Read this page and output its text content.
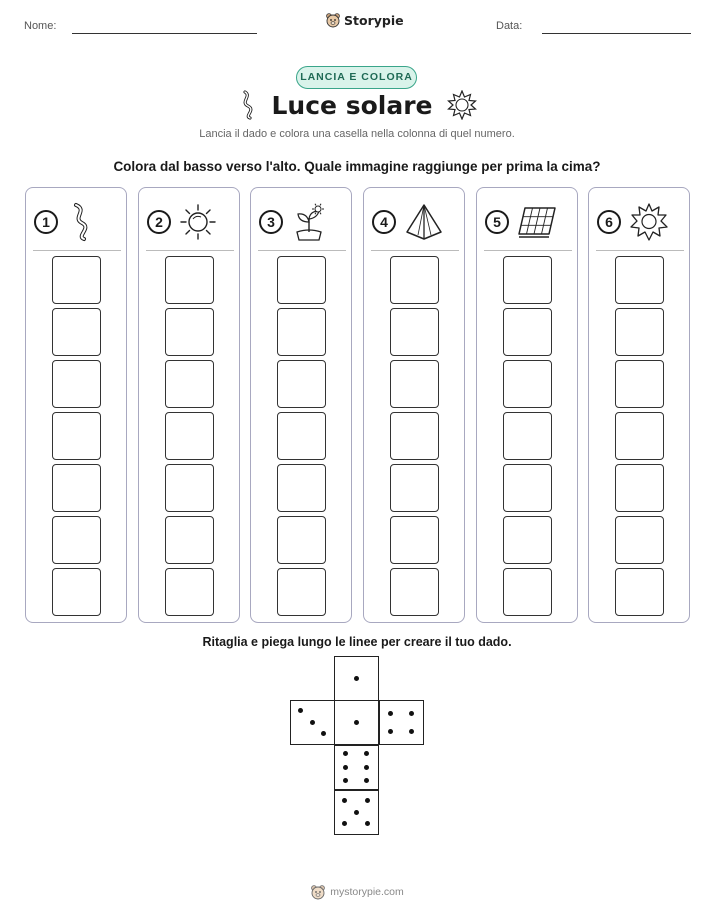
Nome:	Storypie	Data:
LANCIA E COLORA
Luce solare
Lancia il dado e colora una casella nella colonna di quel numero.
Colora dal basso verso l'alto. Quale immagine raggiunge per prima la cima?
1	2	3	4	5	6
Ritaglia e piega lungo le linee per creare il tuo dado.
mystorypie.com
